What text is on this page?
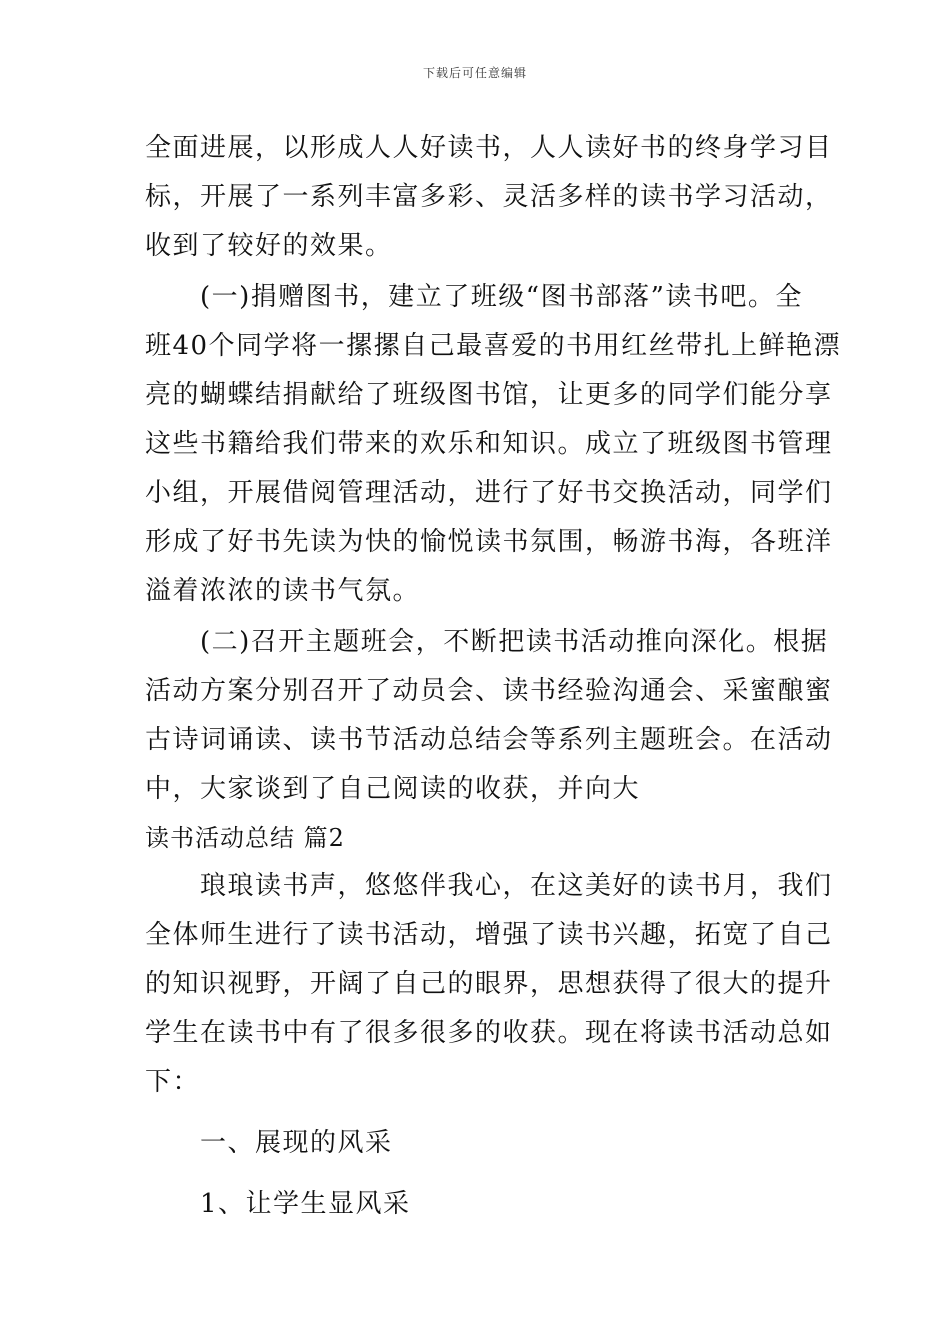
下载后可任意编辑
全面进展，以形成人人好读书，人人读好书的终身学习目
标，开展了一系列丰富多彩、灵活多样的读书学习活动，
收到了较好的效果。
(一)捐赠图书，建立了班级“图书部落”读书吧。全
班40个同学将一摞摞自己最喜爱的书用红丝带扎上鲜艳漂
亮的蝴蝶结捐献给了班级图书馆，让更多的同学们能分享
这些书籍给我们带来的欢乐和知识。成立了班级图书管理
小组，开展借阅管理活动，进行了好书交换活动，同学们
形成了好书先读为快的愉悦读书氛围，畅游书海，各班洋
溢着浓浓的读书气氛。
(二)召开主题班会，不断把读书活动推向深化。根据
活动方案分别召开了动员会、读书经验沟通会、采蜜酿蜜
古诗词诵读、读书节活动总结会等系列主题班会。在活动
中，大家谈到了自己阅读的收获，并向大
读书活动总结 篇2
琅琅读书声，悠悠伴我心，在这美好的读书月，我们
全体师生进行了读书活动，增强了读书兴趣，拓宽了自己
的知识视野，开阔了自己的眼界，思想获得了很大的提升
学生在读书中有了很多很多的收获。现在将读书活动总如
下：
一、展现的风采
1、让学生显风采
